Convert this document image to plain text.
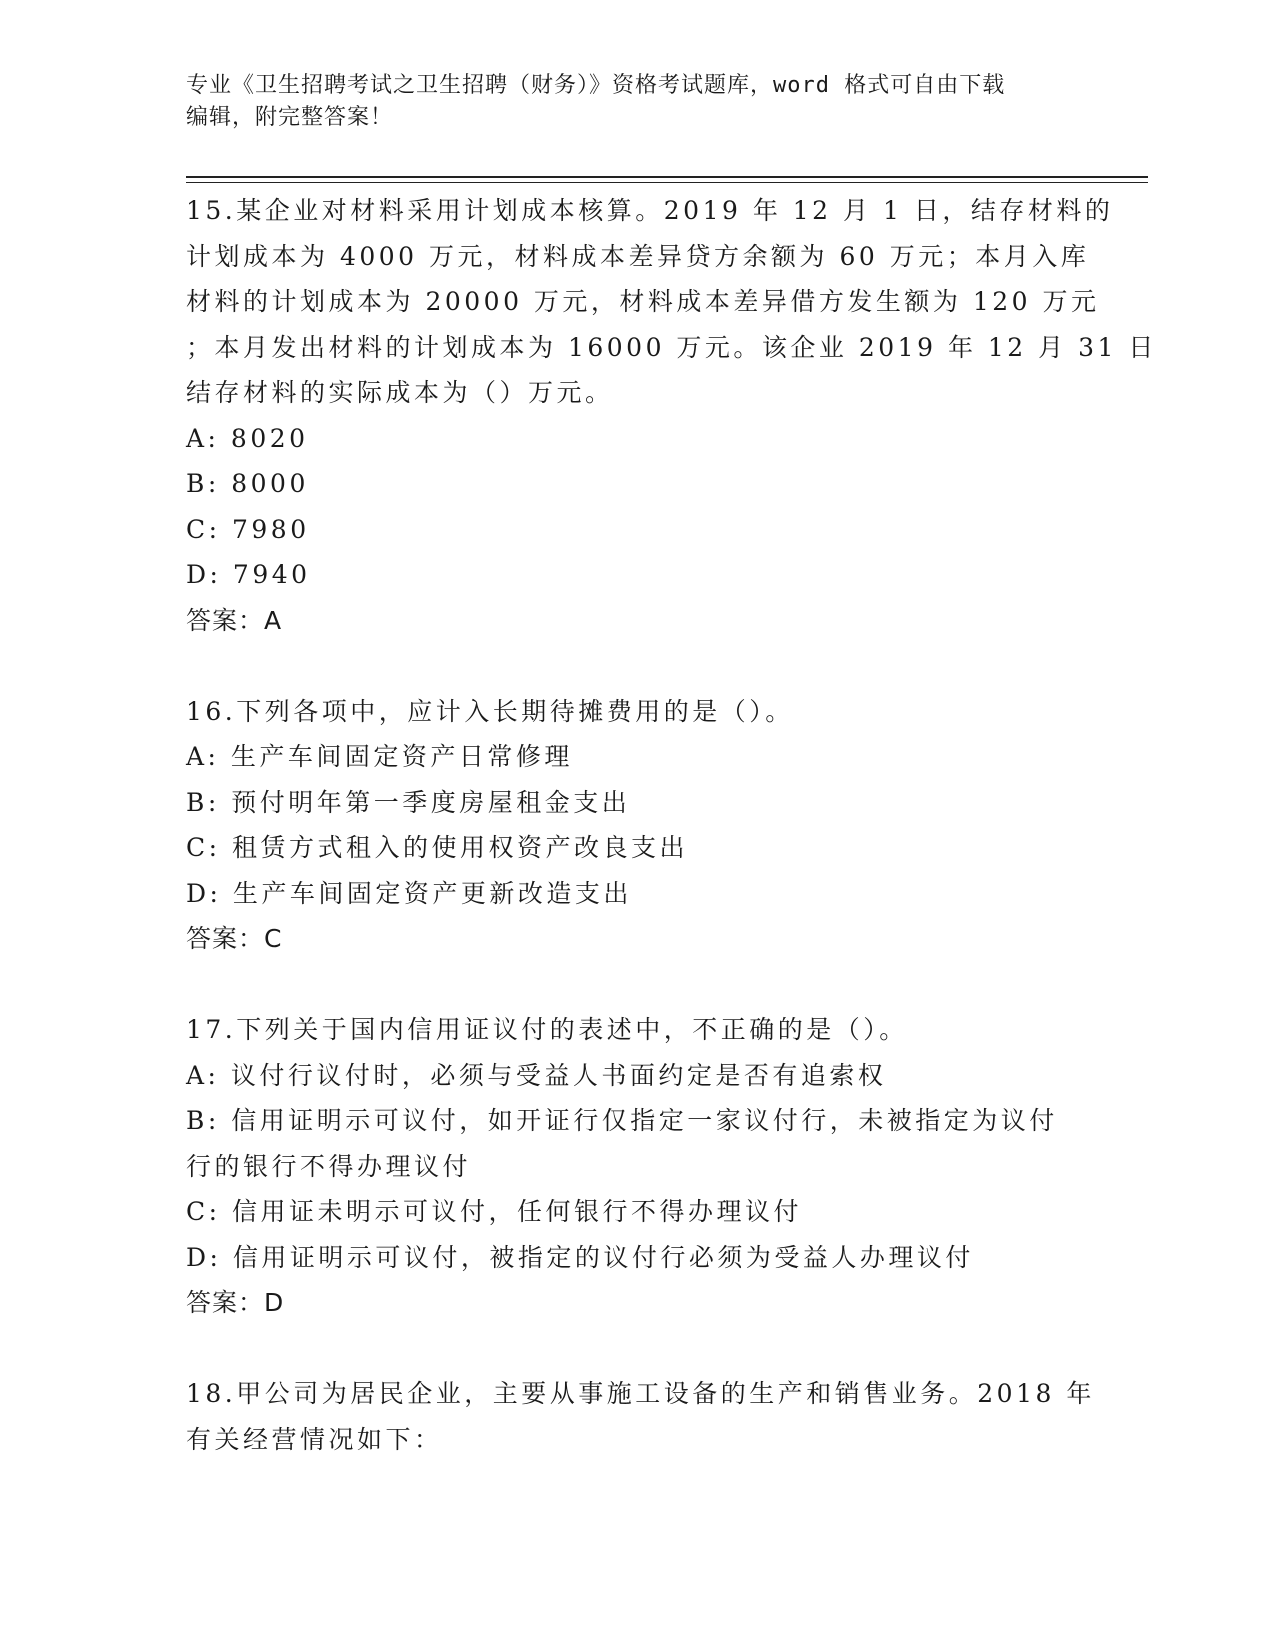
专业《卫生招聘考试之卫生招聘（财务）》资格考试题库，word 格式可自由下载
编辑，附完整答案！
15.某企业对材料采用计划成本核算。2019 年 12 月 1 日，结存材料的
计划成本为 4000 万元，材料成本差异贷方余额为 60 万元；本月入库
材料的计划成本为 20000 万元，材料成本差异借方发生额为 120 万元
；本月发出材料的计划成本为 16000 万元。该企业 2019 年 12 月 31 日
结存材料的实际成本为（）万元。
A: 8020
B: 8000
C: 7980
D: 7940
答案：A
16.下列各项中，应计入长期待摊费用的是（）。
A: 生产车间固定资产日常修理
B: 预付明年第一季度房屋租金支出
C: 租赁方式租入的使用权资产改良支出
D: 生产车间固定资产更新改造支出
答案：C
17.下列关于国内信用证议付的表述中，不正确的是（）。
A: 议付行议付时，必须与受益人书面约定是否有追索权
B: 信用证明示可议付，如开证行仅指定一家议付行，未被指定为议付
行的银行不得办理议付
C: 信用证未明示可议付，任何银行不得办理议付
D: 信用证明示可议付，被指定的议付行必须为受益人办理议付
答案：D
18.甲公司为居民企业，主要从事施工设备的生产和销售业务。2018 年
有关经营情况如下：
